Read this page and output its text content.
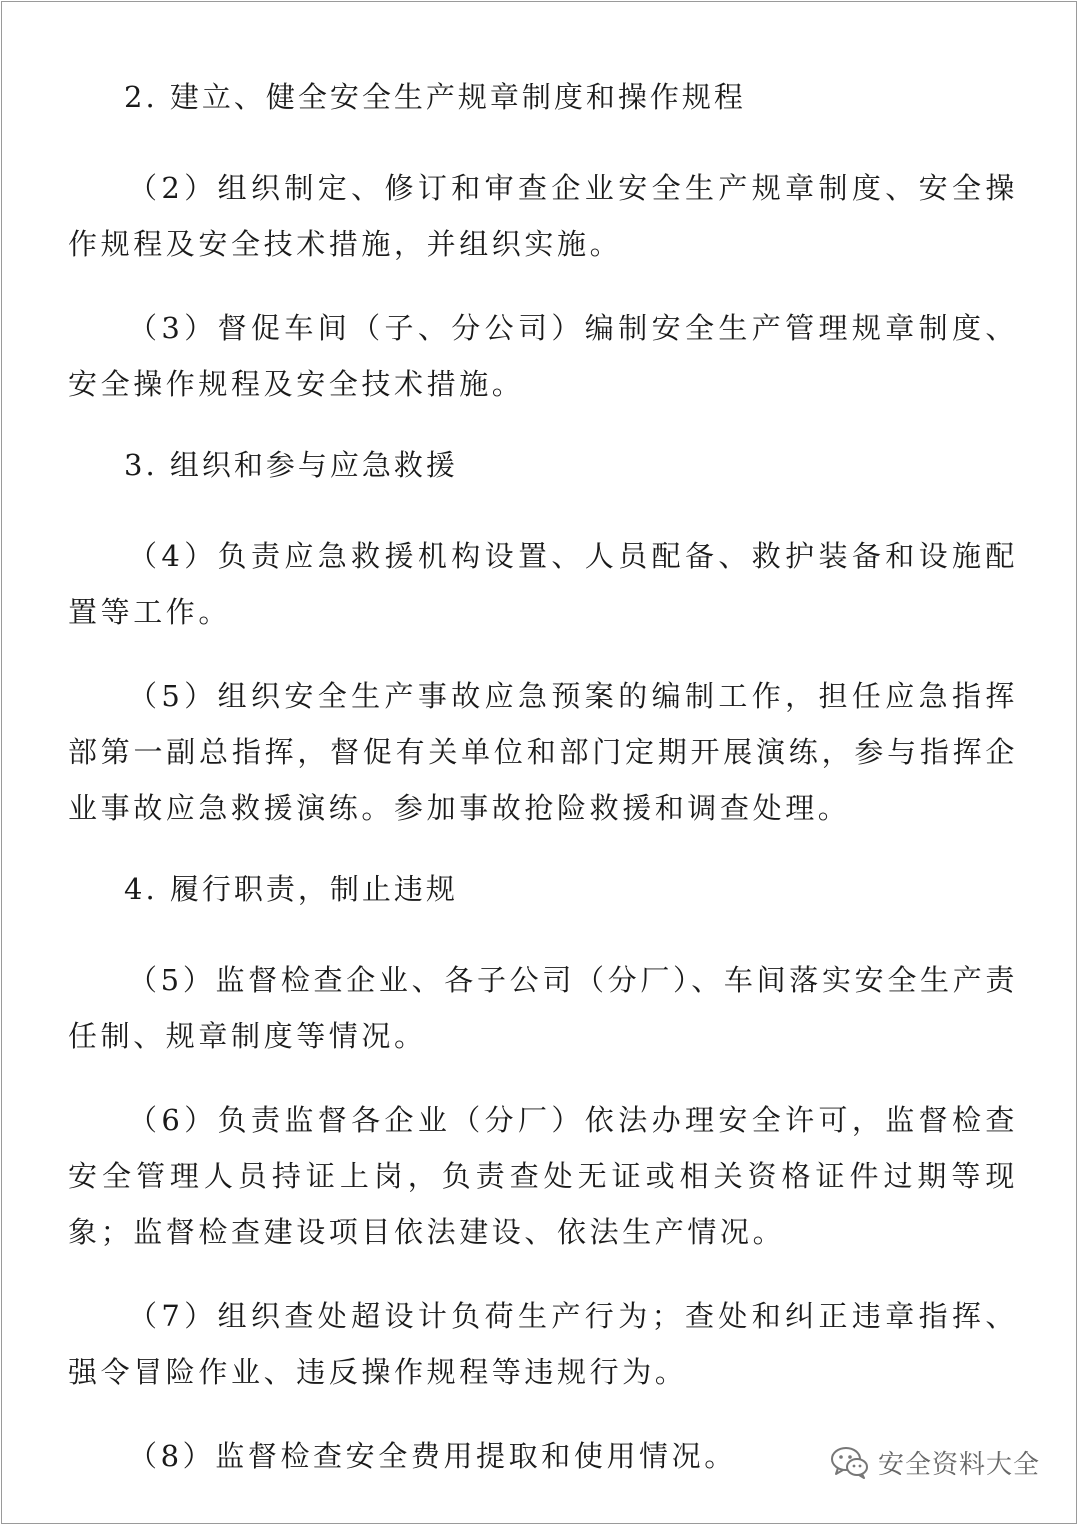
2. 建立、健全安全生产规章制度和操作规程

（2）组织制定、修订和审查企业安全生产规章制度、安全操作规程及安全技术措施，并组织实施。

（3）督促车间（子、分公司）编制安全生产管理规章制度、安全操作规程及安全技术措施。

3. 组织和参与应急救援

（4）负责应急救援机构设置、人员配备、救护装备和设施配置等工作。

（5）组织安全生产事故应急预案的编制工作，担任应急指挥部第一副总指挥，督促有关单位和部门定期开展演练，参与指挥企业事故应急救援演练。参加事故抢险救援和调查处理。

4. 履行职责，制止违规

（5）监督检查企业、各子公司（分厂）、车间落实安全生产责任制、规章制度等情况。

（6）负责监督各企业（分厂）依法办理安全许可，监督检查安全管理人员持证上岗，负责查处无证或相关资格证件过期等现象；监督检查建设项目依法建设、依法生产情况。

（7）组织查处超设计负荷生产行为；查处和纠正违章指挥、强令冒险作业、违反操作规程等违规行为。

（8）监督检查安全费用提取和使用情况。	安全资料大全
